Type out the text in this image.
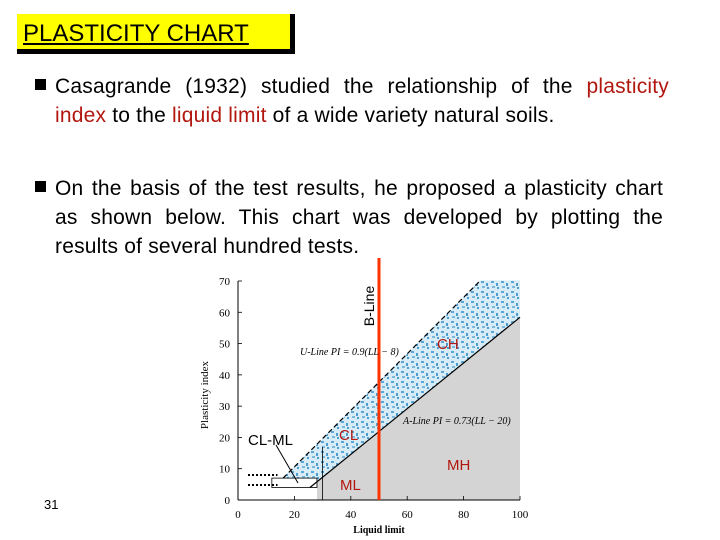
PLASTICITY CHART
Casagrande (1932) studied the relationship of the plasticity index to the liquid limit of a wide variety natural soils.
On the basis of the test results, he proposed a plasticity chart as shown below. This chart was developed by plotting the results of several hundred tests.
0	20	40	60	80	100
0
10
20
30
40
50
60
70
Liquid limit
Plasticity index
U-Line PI = 0.9(LL − 8)
A-Line PI = 0.73(LL − 20)
B-Line
CH
CL
MH
ML
CL-ML
31
